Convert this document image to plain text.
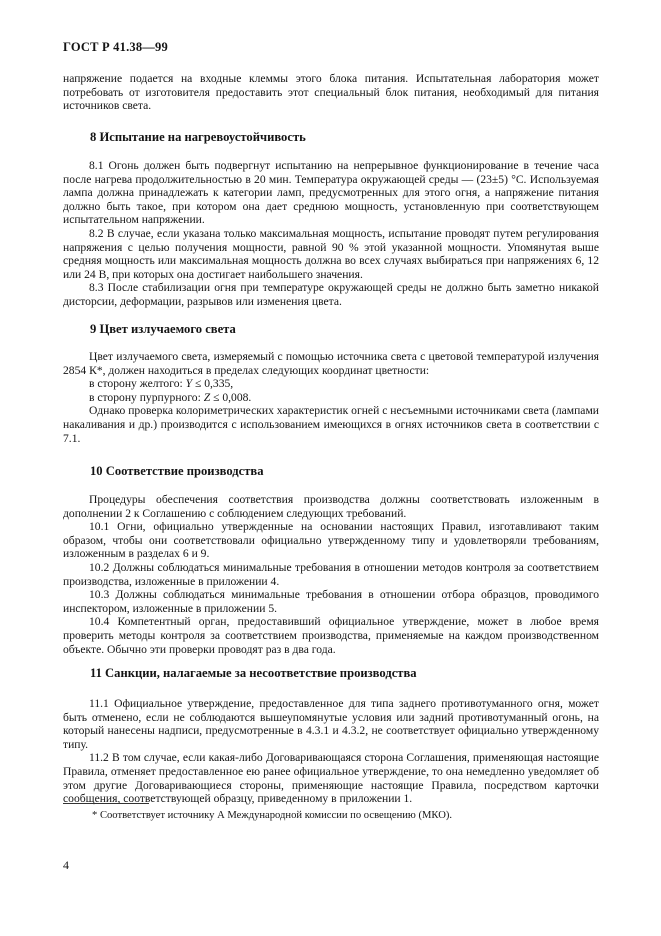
ГОСТ Р 41.38—99

напряжение подается на входные клеммы этого блока питания. Испытательная лаборатория может потребовать от изготовителя предоставить этот специальный блок питания, необходимый для питания источников света.

8 Испытание на нагревоустойчивость

8.1 Огонь должен быть подвергнут испытанию на непрерывное функционирование в течение часа после нагрева продолжительностью в 20 мин. Температура окружающей среды — (23±5) °С. Используемая лампа должна принадлежать к категории ламп, предусмотренных для этого огня, а напряжение питания должно быть такое, при котором она дает среднюю мощность, установленную при соответствующем испытательном напряжении.

8.2 В случае, если указана только максимальная мощность, испытание проводят путем регулирования напряжения с целью получения мощности, равной 90 % этой указанной мощности. Упомянутая выше средняя мощность или максимальная мощность должна во всех случаях выбираться при напряжениях 6, 12 или 24 В, при которых она достигает наибольшего значения.

8.3 После стабилизации огня при температуре окружающей среды не должно быть заметно никакой дисторсии, деформации, разрывов или изменения цвета.

9 Цвет излучаемого света

Цвет излучаемого света, измеряемый с помощью источника света с цветовой температурой излучения 2854 К*, должен находиться в пределах следующих координат цветности:

в сторону желтого: Y ≤ 0,335,

в сторону пурпурного: Z ≤ 0,008.

Однако проверка колориметрических характеристик огней с несъемными источниками света (лампами накаливания и др.) производится с использованием имеющихся в огнях источников света в соответствии с 7.1.

10 Соответствие производства

Процедуры обеспечения соответствия производства должны соответствовать изложенным в дополнении 2 к Соглашению с соблюдением следующих требований.

10.1 Огни, официально утвержденные на основании настоящих Правил, изготавливают таким образом, чтобы они соответствовали официально утвержденному типу и удовлетворяли требованиям, изложенным в разделах 6 и 9.

10.2 Должны соблюдаться минимальные требования в отношении методов контроля за соответствием производства, изложенные в приложении 4.

10.3 Должны соблюдаться минимальные требования в отношении отбора образцов, проводимого инспектором, изложенные в приложении 5.

10.4 Компетентный орган, предоставивший официальное утверждение, может в любое время проверить методы контроля за соответствием производства, применяемые на каждом производственном объекте. Обычно эти проверки проводят раз в два года.

11 Санкции, налагаемые за несоответствие производства

11.1 Официальное утверждение, предоставленное для типа заднего противотуманного огня, может быть отменено, если не соблюдаются вышеупомянутые условия или задний противотуманный огонь, на который нанесены надписи, предусмотренные в 4.3.1 и 4.3.2, не соответствует официально утвержденному типу.

11.2 В том случае, если какая-либо Договаривающаяся сторона Соглашения, применяющая настоящие Правила, отменяет предоставленное ею ранее официальное утверждение, то она немедленно уведомляет об этом другие Договаривающиеся стороны, применяющие настоящие Правила, посредством карточки сообщения, соответствующей образцу, приведенному в приложении 1.

* Соответствует источнику А Международной комиссии по освещению (МКО).
4
